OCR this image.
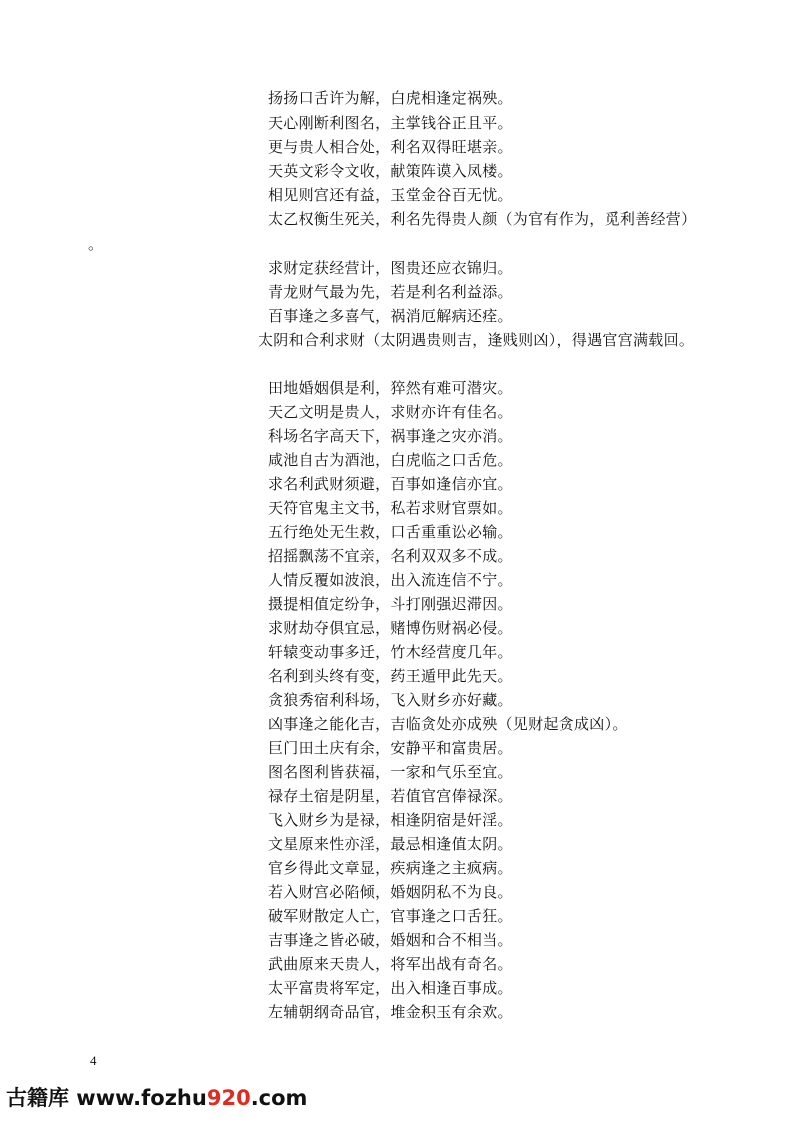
扬扬口舌许为解，白虎相逢定祸殃。
天心刚断利图名，主掌钱谷正且平。
更与贵人相合处，利名双得旺堪亲。
天英文彩令文收，献策阵谟入凤楼。
相见则宫还有益，玉堂金谷百无忧。
太乙权衡生死关，利名先得贵人颜（为官有作为，觅利善经营）
。
求财定获经营计，图贵还应衣锦归。
青龙财气最为先，若是利名利益添。
百事逢之多喜气，祸消厄解病还痊。
太阴和合利求财（太阴遇贵则吉，逢贱则凶），得遇官宫满载回。
田地婚姻俱是利，猝然有难可潜灾。
天乙文明是贵人，求财亦许有佳名。
科场名字高天下，祸事逢之灾亦消。
咸池自古为酒池，白虎临之口舌危。
求名利武财须避，百事如逢信亦宜。
天符官鬼主文书，私若求财官票如。
五行绝处无生救，口舌重重讼必输。
招摇飘荡不宜亲，名利双双多不成。
人情反覆如波浪，出入流连信不宁。
摄提相值定纷争，斗打刚强迟滞因。
求财劫夺俱宜忌，赌博伤财祸必侵。
轩辕变动事多迁，竹木经营度几年。
名利到头终有变，药王遁甲此先天。
贪狼秀宿利科场，飞入财乡亦好藏。
凶事逢之能化吉，吉临贪处亦成殃（见财起贪成凶）。
巨门田土庆有余，安静平和富贵居。
图名图利皆获福，一家和气乐至宜。
禄存土宿是阴星，若值官宫俸禄深。
飞入财乡为是禄，相逢阴宿是奸淫。
文星原来性亦淫，最忌相逢值太阴。
官乡得此文章显，疾病逢之主疯病。
若入财宫必陷倾，婚姻阴私不为良。
破军财散定人亡，官事逢之口舌狂。
吉事逢之皆必破，婚姻和合不相当。
武曲原来天贵人，将军出战有奇名。
太平富贵将军定，出入相逢百事成。
左辅朝纲奇品官，堆金积玉有余欢。
4
古籍库 www.fozhu920.com
